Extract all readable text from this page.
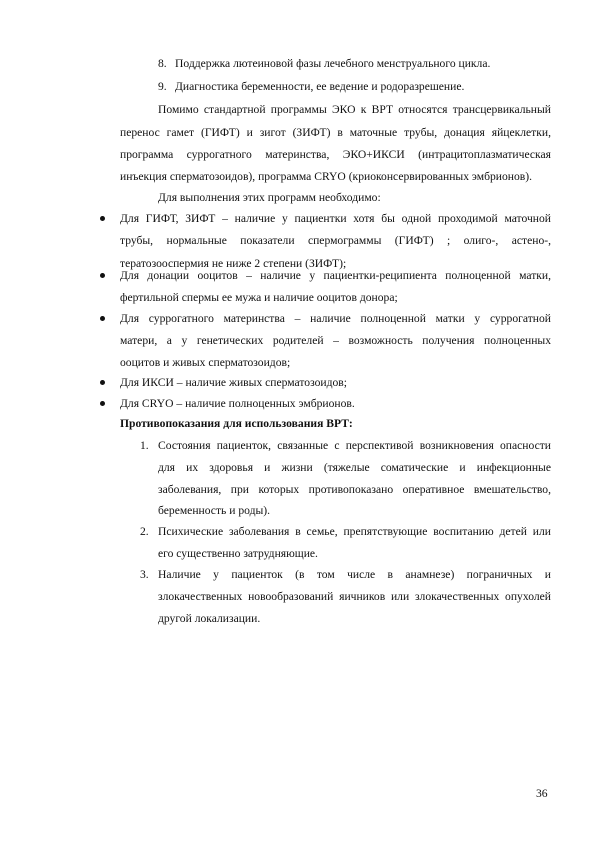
8. Поддержка лютеиновой фазы лечебного менструального цикла.
9. Диагностика беременности, ее ведение и родоразрешение.
Помимо стандартной программы ЭКО к ВРТ относятся трансцервикальный
перенос гамет (ГИФТ) и зигот (ЗИФТ) в маточные трубы, донация яйцеклетки,
программа суррогатного материнства, ЭКО+ИКСИ (интрацитоплазматическая
инъекция сперматозоидов), программа CRYO (криоконсервированных эмбрионов).
Для выполнения этих программ необходимо:
Для ГИФТ, ЗИФТ – наличие у пациентки хотя бы одной проходимой маточной
трубы, нормальные показатели спермограммы (ГИФТ) ; олиго-, астено-,
тератозооспермия не ниже 2 степени (ЗИФТ);
Для донации ооцитов – наличие у пациентки-реципиента полноценной матки,
фертильной спермы ее мужа и наличие ооцитов донора;
Для суррогатного материнства – наличие полноценной матки у суррогатной
матери, а у генетических родителей – возможность получения полноценных
ооцитов и живых сперматозоидов;
Для ИКСИ – наличие живых сперматозоидов;
Для CRYO – наличие полноценных эмбрионов.
Противопоказания для использования ВРТ:
1. Состояния пациенток, связанные с перспективой возникновения опасности
для их здоровья и жизни (тяжелые соматические и инфекционные
заболевания, при которых противопоказано оперативное вмешательство,
беременность и роды).
2. Психические заболевания в семье, препятствующие воспитанию детей или
его существенно затрудняющие.
3. Наличие у пациенток (в том числе в анамнезе) пограничных и
злокачественных новообразований яичников или злокачественных опухолей
другой локализации.
36
